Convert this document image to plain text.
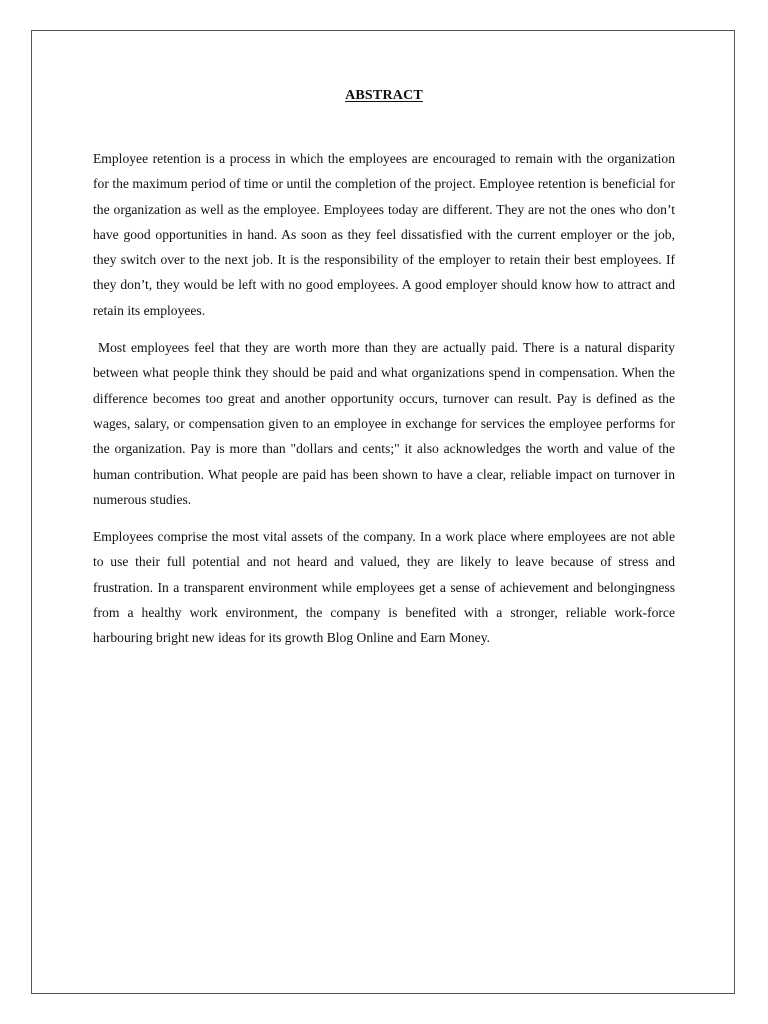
ABSTRACT

Employee retention is a process in which the employees are encouraged to remain with the organization for the maximum period of time or until the completion of the project. Employee retention is beneficial for the organization as well as the employee. Employees today are different. They are not the ones who don’t have good opportunities in hand. As soon as they feel dissatisfied with the current employer or the job, they switch over to the next job. It is the responsibility of the employer to retain their best employees. If they don’t, they would be left with no good employees. A good employer should know how to attract and retain its employees.

Most employees feel that they are worth more than they are actually paid. There is a natural disparity between what people think they should be paid and what organizations spend in compensation. When the difference becomes too great and another opportunity occurs, turnover can result. Pay is defined as the wages, salary, or compensation given to an employee in exchange for services the employee performs for the organization. Pay is more than "dollars and cents;" it also acknowledges the worth and value of the human contribution. What people are paid has been shown to have a clear, reliable impact on turnover in numerous studies.

Employees comprise the most vital assets of the company. In a work place where employees are not able to use their full potential and not heard and valued, they are likely to leave because of stress and frustration. In a transparent environment while employees get a sense of achievement and belongingness from a healthy work environment, the company is benefited with a stronger, reliable work-force harbouring bright new ideas for its growth Blog Online and Earn Money.
